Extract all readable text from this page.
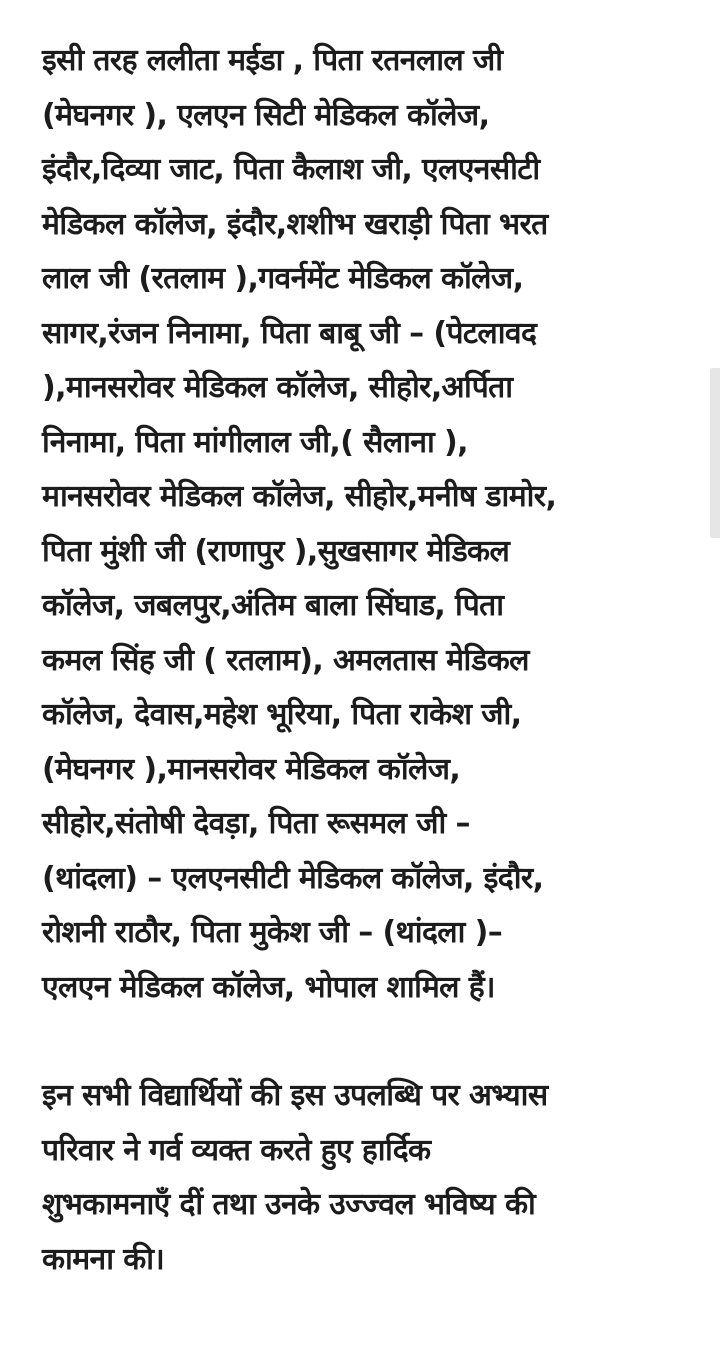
इसी तरह ललीता मईडा , पिता रतनलाल जी
(मेघनगर ), एलएन सिटी मेडिकल कॉलेज,
इंदौर,दिव्या जाट, पिता कैलाश जी, एलएनसीटी
मेडिकल कॉलेज, इंदौर,शशीभ खराड़ी पिता भरत
लाल जी (रतलाम ),गवर्नमेंट मेडिकल कॉलेज,
सागर,रंजन निनामा, पिता बाबू जी – (पेटलावद
),मानसरोवर मेडिकल कॉलेज, सीहोर,अर्पिता
निनामा, पिता मांगीलाल जी,( सैलाना ),
मानसरोवर मेडिकल कॉलेज, सीहोर,मनीष डामोर,
पिता मुंशी जी (राणापुर ),सुखसागर मेडिकल
कॉलेज, जबलपुर,अंतिम बाला सिंघाड, पिता
कमल सिंह जी ( रतलाम), अमलतास मेडिकल
कॉलेज, देवास,महेश भूरिया, पिता राकेश जी,
(मेघनगर ),मानसरोवर मेडिकल कॉलेज,
सीहोर,संतोषी देवड़ा, पिता रूसमल जी –
(थांदला) – एलएनसीटी मेडिकल कॉलेज, इंदौर,
रोशनी राठौर, पिता मुकेश जी – (थांदला )–
एलएन मेडिकल कॉलेज, भोपाल शामिल हैं।
इन सभी विद्यार्थियों की इस उपलब्धि पर अभ्यास
परिवार ने गर्व व्यक्त करते हुए हार्दिक
शुभकामनाएँ दीं तथा उनके उज्ज्वल भविष्य की
कामना की।
